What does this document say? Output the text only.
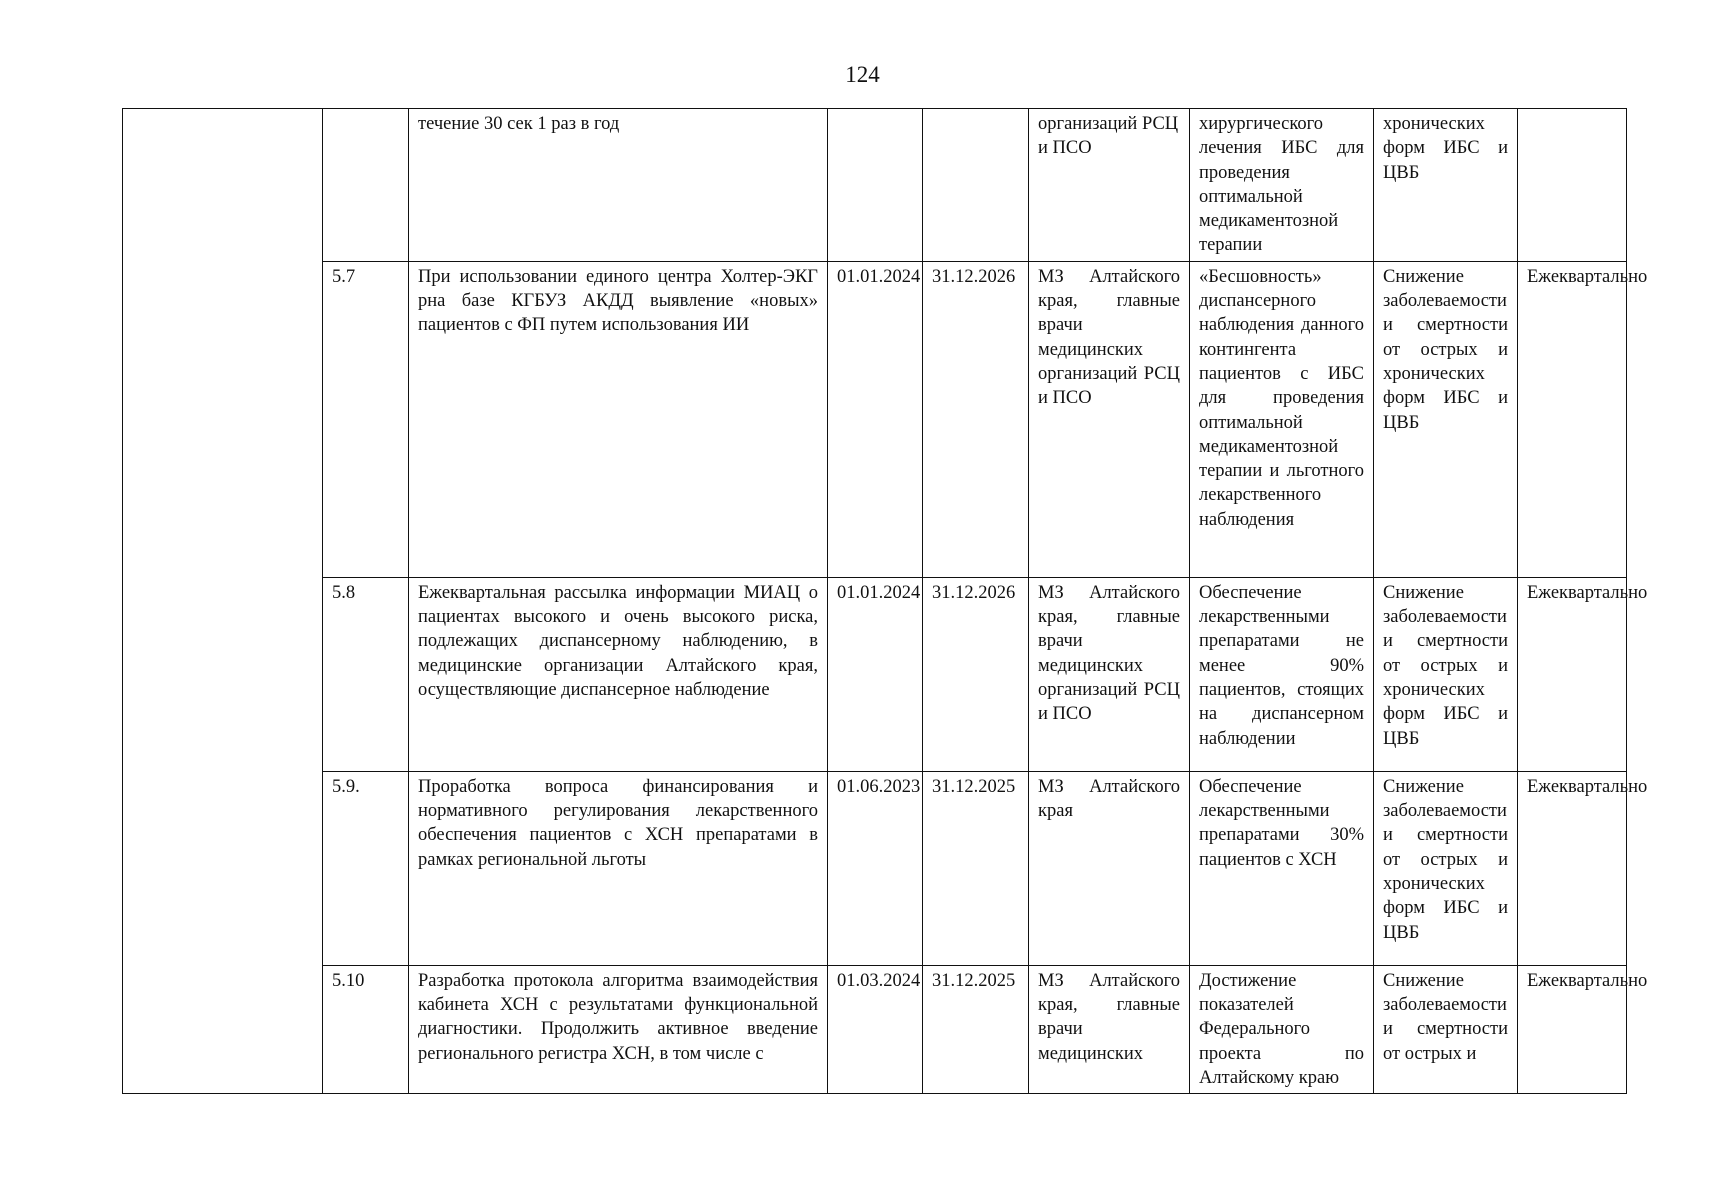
124
		течение 30 сек 1 раз в год			организаций РСЦ и ПСО	хирургического лечения ИБС для проведения оптимальной медикаментозной терапии	хронических форм ИБС и ЦВБ	
	5.7	При использовании единого центра Холтер-ЭКГ рна базе КГБУЗ АКДД выявление «новых» пациентов с ФП путем использования ИИ	01.01.2024	31.12.2026	МЗ Алтайского края, главные врачи медицинских организаций РСЦ и ПСО	«Бесшовность» диспансерного наблюдения данного контингента пациентов с ИБС для проведения оптимальной медикаментозной терапии и льготного лекарственного наблюдения	Снижение заболеваемости и смертности от острых и хронических форм ИБС и ЦВБ	Ежеквартально
	5.8	Ежеквартальная рассылка информации МИАЦ о пациентах высокого и очень высокого риска, подлежащих диспансерному наблюдению, в медицинские организации Алтайского края, осуществляющие диспансерное наблюдение	01.01.2024	31.12.2026	МЗ Алтайского края, главные врачи медицинских организаций РСЦ и ПСО	Обеспечение лекарственными препаратами не менее 90% пациентов, стоящих на диспансерном наблюдении	Снижение заболеваемости и смертности от острых и хронических форм ИБС и ЦВБ	Ежеквартально
	5.9.	Проработка вопроса финансирования и нормативного регулирования лекарственного обеспечения пациентов с ХСН препаратами в рамках региональной льготы	01.06.2023	31.12.2025	МЗ Алтайского края	Обеспечение лекарственными препаратами 30% пациентов с ХСН	Снижение заболеваемости и смертности от острых и хронических форм ИБС и ЦВБ	Ежеквартально
	5.10	Разработка протокола алгоритма взаимодействия кабинета ХСН с результатами функциональной диагностики. Продолжить активное введение регионального регистра ХСН, в том числе с	01.03.2024	31.12.2025	МЗ Алтайского края, главные врачи медицинских	Достижение показателей Федерального проекта по Алтайскому краю	Снижение заболеваемости и смертности от острых и	Ежеквартально
